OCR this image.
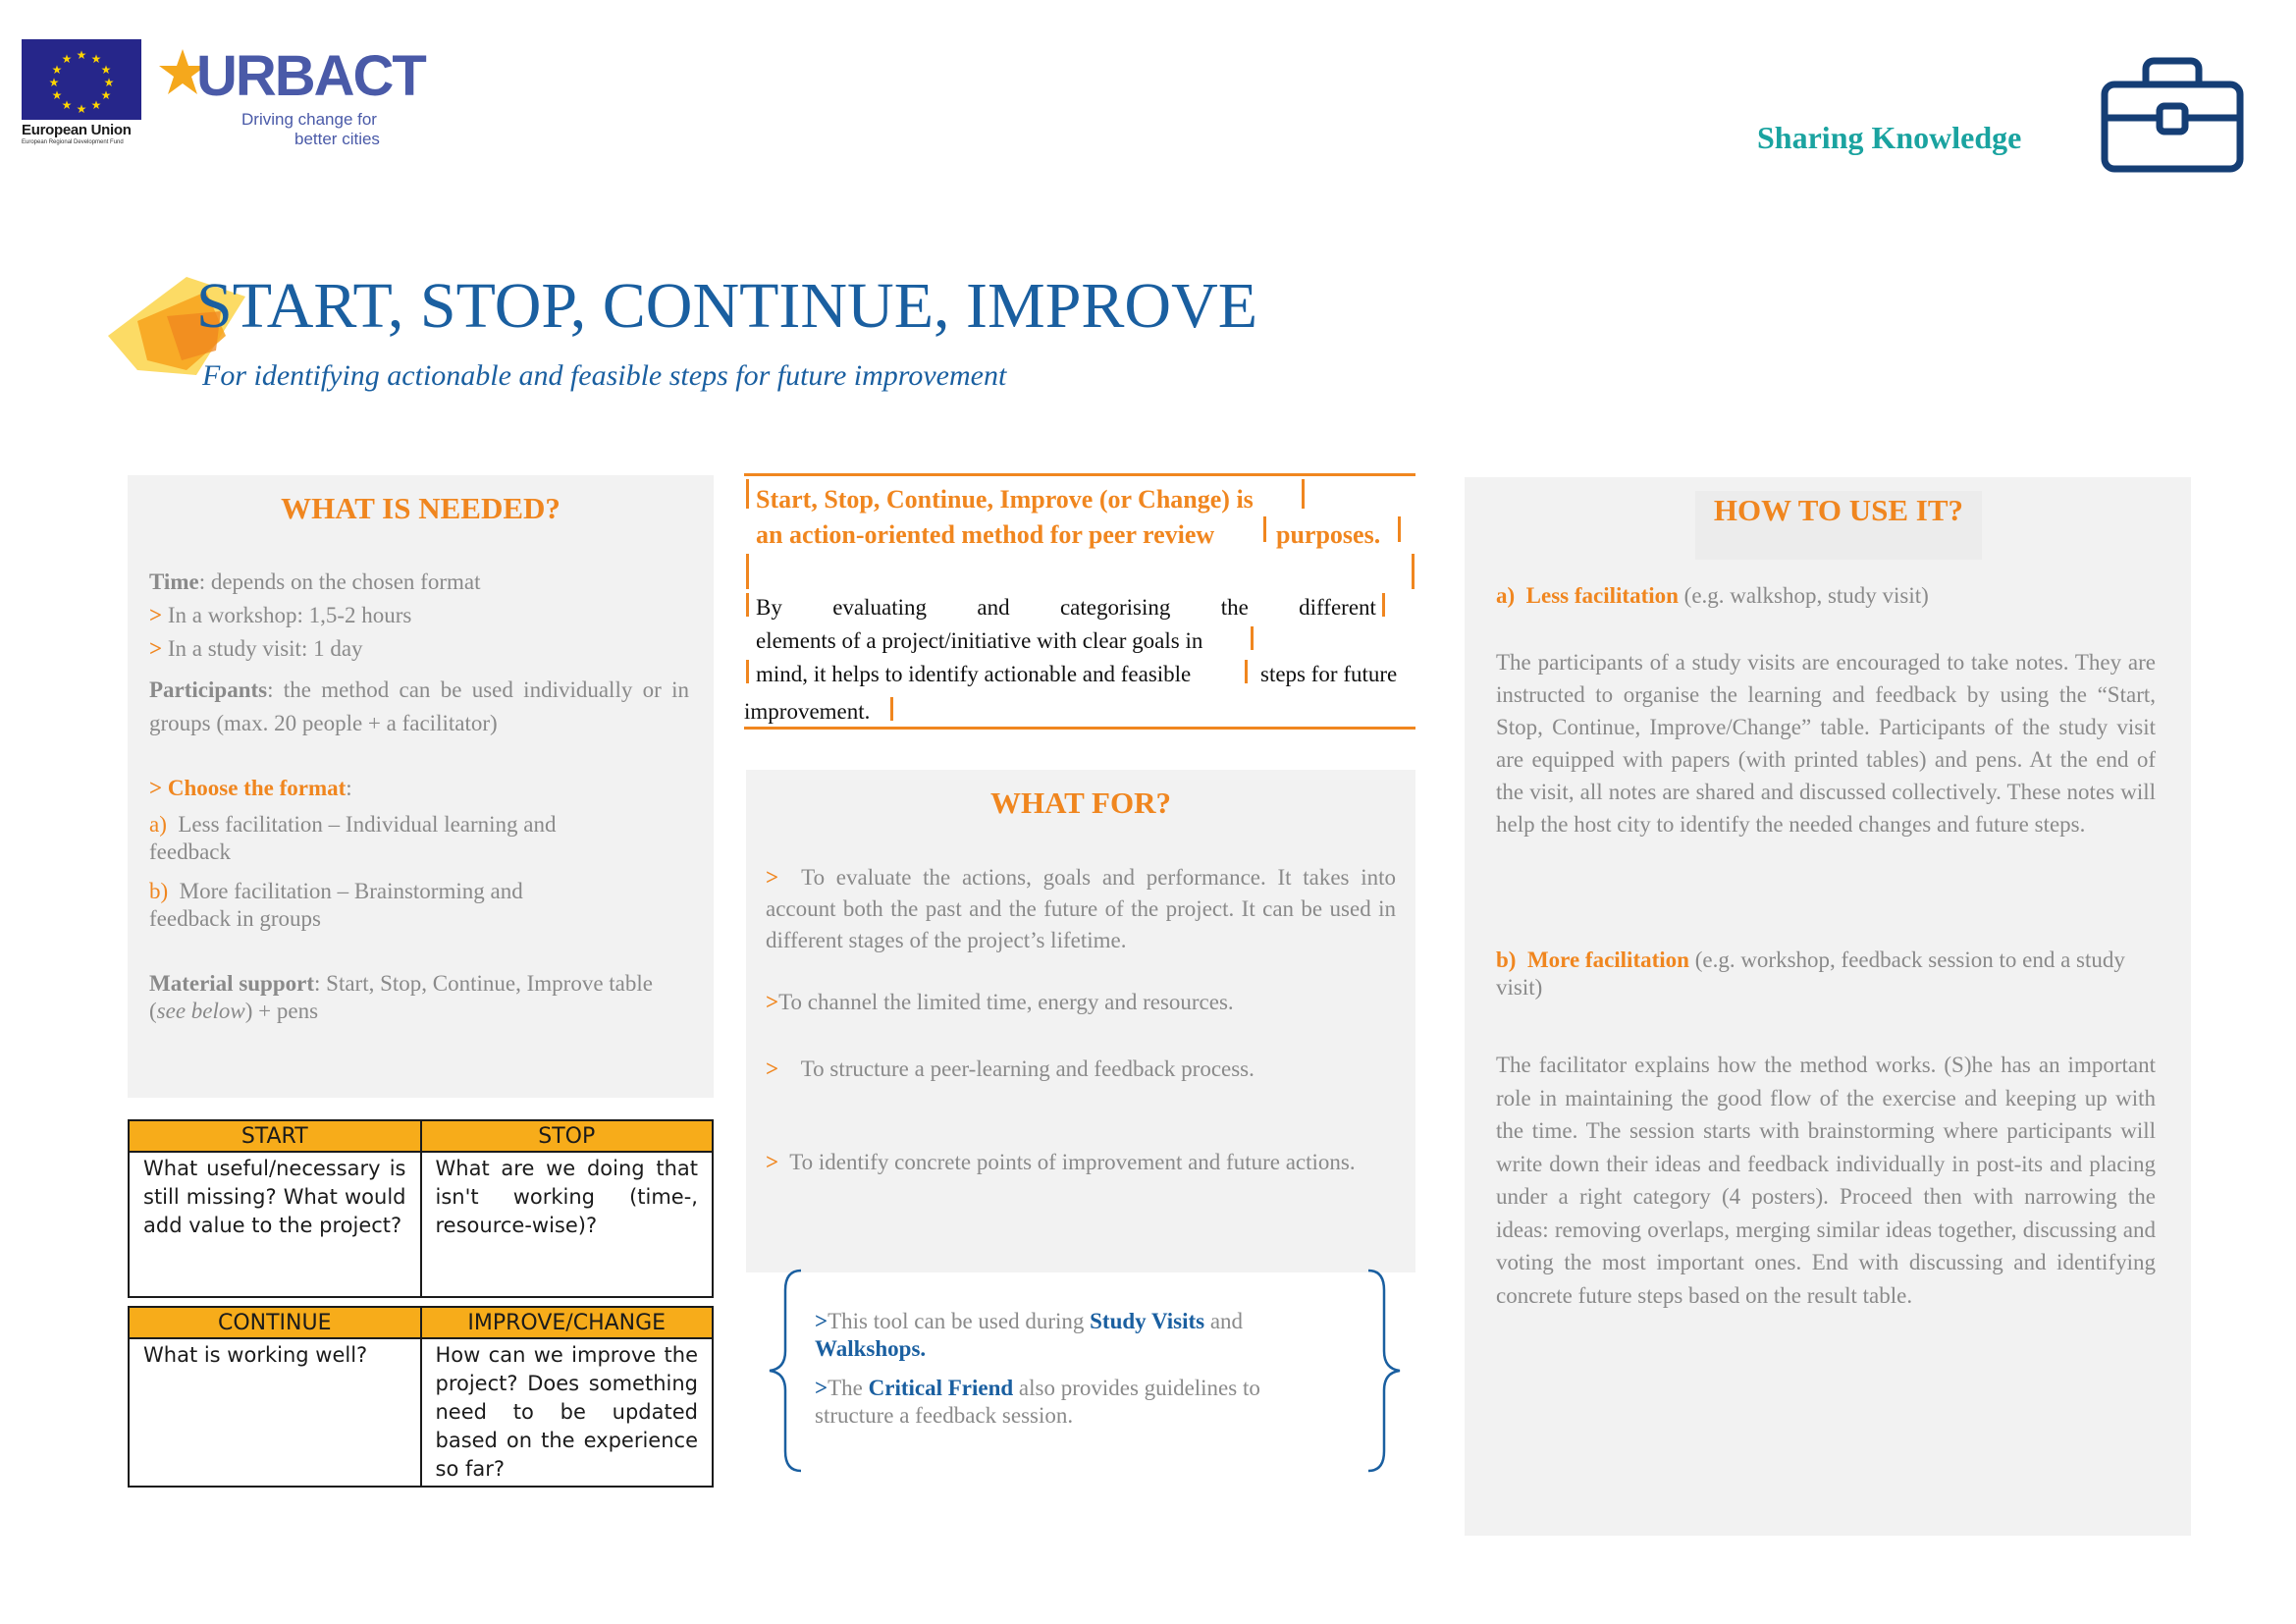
★ ★
★
★
★
★
★
★
★
★
★
★
European Union
European Regional Development Fund
URBACT
Driving change for
better cities	Sharing Knowledge
START, STOP, CONTINUE, IMPROVE
For identifying actionable and feasible steps for future improvement
WHAT IS NEEDED?
Time: depends on the chosen format
> In a workshop: 1,5-2 hours
> In a study visit: 1 day
Participants: the method can be used individually or in groups (max. 20 people + a facilitator)
> Choose the format:
a) Less facilitation – Individual learning and feedback
b) More facilitation – Brainstorming and feedback in groups
Material support: Start, Stop, Continue, Improve table (see below) + pens
START	STOP
What useful/necessary is still missing? What would add value to the project?	What are we doing that isn't working (time-, resource-wise)?
CONTINUE	IMPROVE/CHANGE
What is working well?	How can we improve the project? Does something need to be updated based on the experience so far?
Start, Stop, Continue, Improve (or Change) is
an action-oriented method for peer review purposes.
By evaluating and categorising the different
elements of a project/initiative with clear goals in
mind, it helps to identify actionable and feasible	steps for future
improvement.
WHAT FOR?
> To evaluate the actions, goals and performance. It takes into account both the past and the future of the project. It can be used in different stages of the project’s lifetime.
>To channel the limited time, energy and resources.
> To structure a peer-learning and feedback process.
> To identify concrete points of improvement and future actions.
>This tool can be used during Study Visits and
Walkshops.
>The Critical Friend also provides guidelines to structure a feedback session.
HOW TO USE IT?
a) Less facilitation (e.g. walkshop, study visit)
The participants of a study visits are encouraged to take notes. They are instructed to organise the learning and feedback by using the “Start, Stop, Continue, Improve/Change” table. Participants of the study visit are equipped with papers (with printed tables) and pens. At the end of the visit, all notes are shared and discussed collectively. These notes will help the host city to identify the needed changes and future steps.
b) More facilitation (e.g. workshop, feedback session to end a study visit)
The facilitator explains how the method works. (S)he has an important role in maintaining the good flow of the exercise and keeping up with the time. The session starts with brainstorming where participants will write down their ideas and feedback individually in post-its and placing under a right category (4 posters). Proceed then with narrowing the ideas: removing overlaps, merging similar ideas together, discussing and voting the most important ones. End with discussing and identifying concrete future steps based on the result table.
